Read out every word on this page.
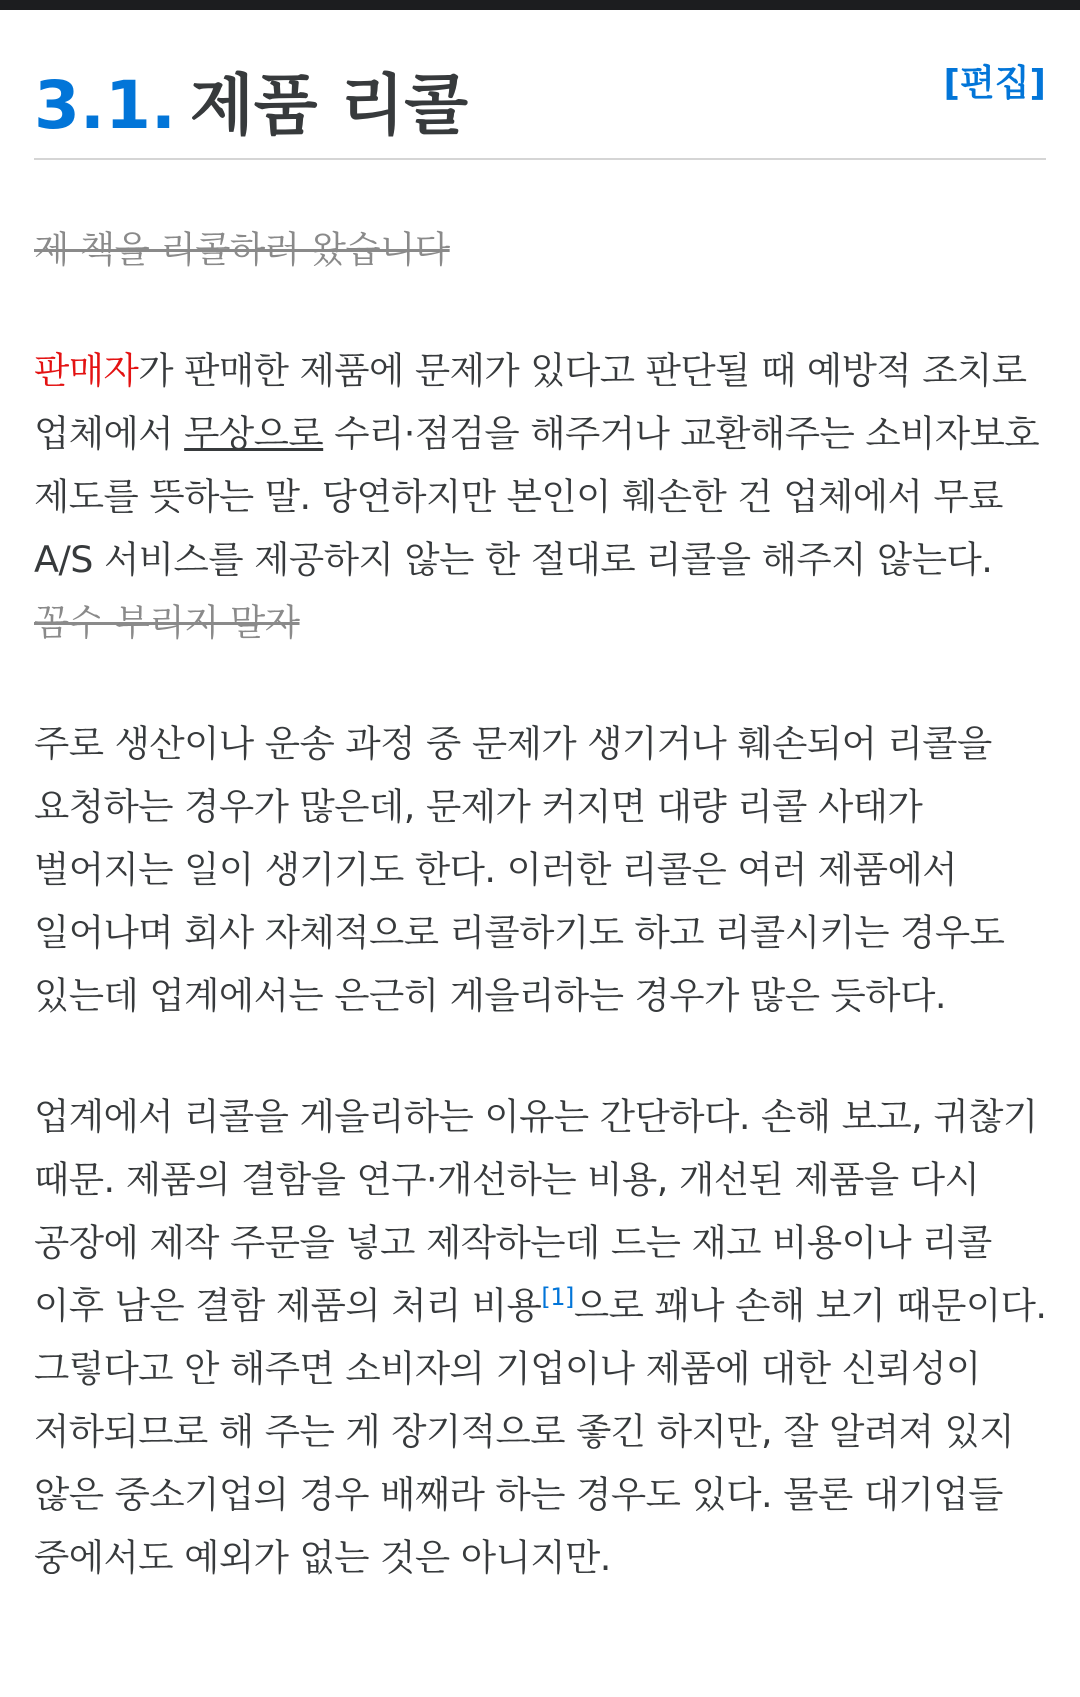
3.1. 제품 리콜	[편집]

제 책을 리콜하러 왔습니다

판매자가 판매한 제품에 문제가 있다고 판단될 때 예방적 조치로 업체에서 무상으로 수리·점검을 해주거나 교환해주는 소비자보호 제도를 뜻하는 말. 당연하지만 본인이 훼손한 건 업체에서 무료 A/S 서비스를 제공하지 않는 한 절대로 리콜을 해주지 않는다. 꼼수 부리지 말자

주로 생산이나 운송 과정 중 문제가 생기거나 훼손되어 리콜을 요청하는 경우가 많은데, 문제가 커지면 대량 리콜 사태가 벌어지는 일이 생기기도 한다. 이러한 리콜은 여러 제품에서 일어나며 회사 자체적으로 리콜하기도 하고 리콜시키는 경우도 있는데 업계에서는 은근히 게을리하는 경우가 많은 듯하다.

업계에서 리콜을 게을리하는 이유는 간단하다. 손해 보고, 귀찮기 때문. 제품의 결함을 연구·개선하는 비용, 개선된 제품을 다시 공장에 제작 주문을 넣고 제작하는데 드는 재고 비용이나 리콜 이후 남은 결함 제품의 처리 비용[1]으로 꽤나 손해 보기 때문이다. 그렇다고 안 해주면 소비자의 기업이나 제품에 대한 신뢰성이 저하되므로 해 주는 게 장기적으로 좋긴 하지만, 잘 알려져 있지 않은 중소기업의 경우 배째라 하는 경우도 있다. 물론 대기업들 중에서도 예외가 없는 것은 아니지만.
